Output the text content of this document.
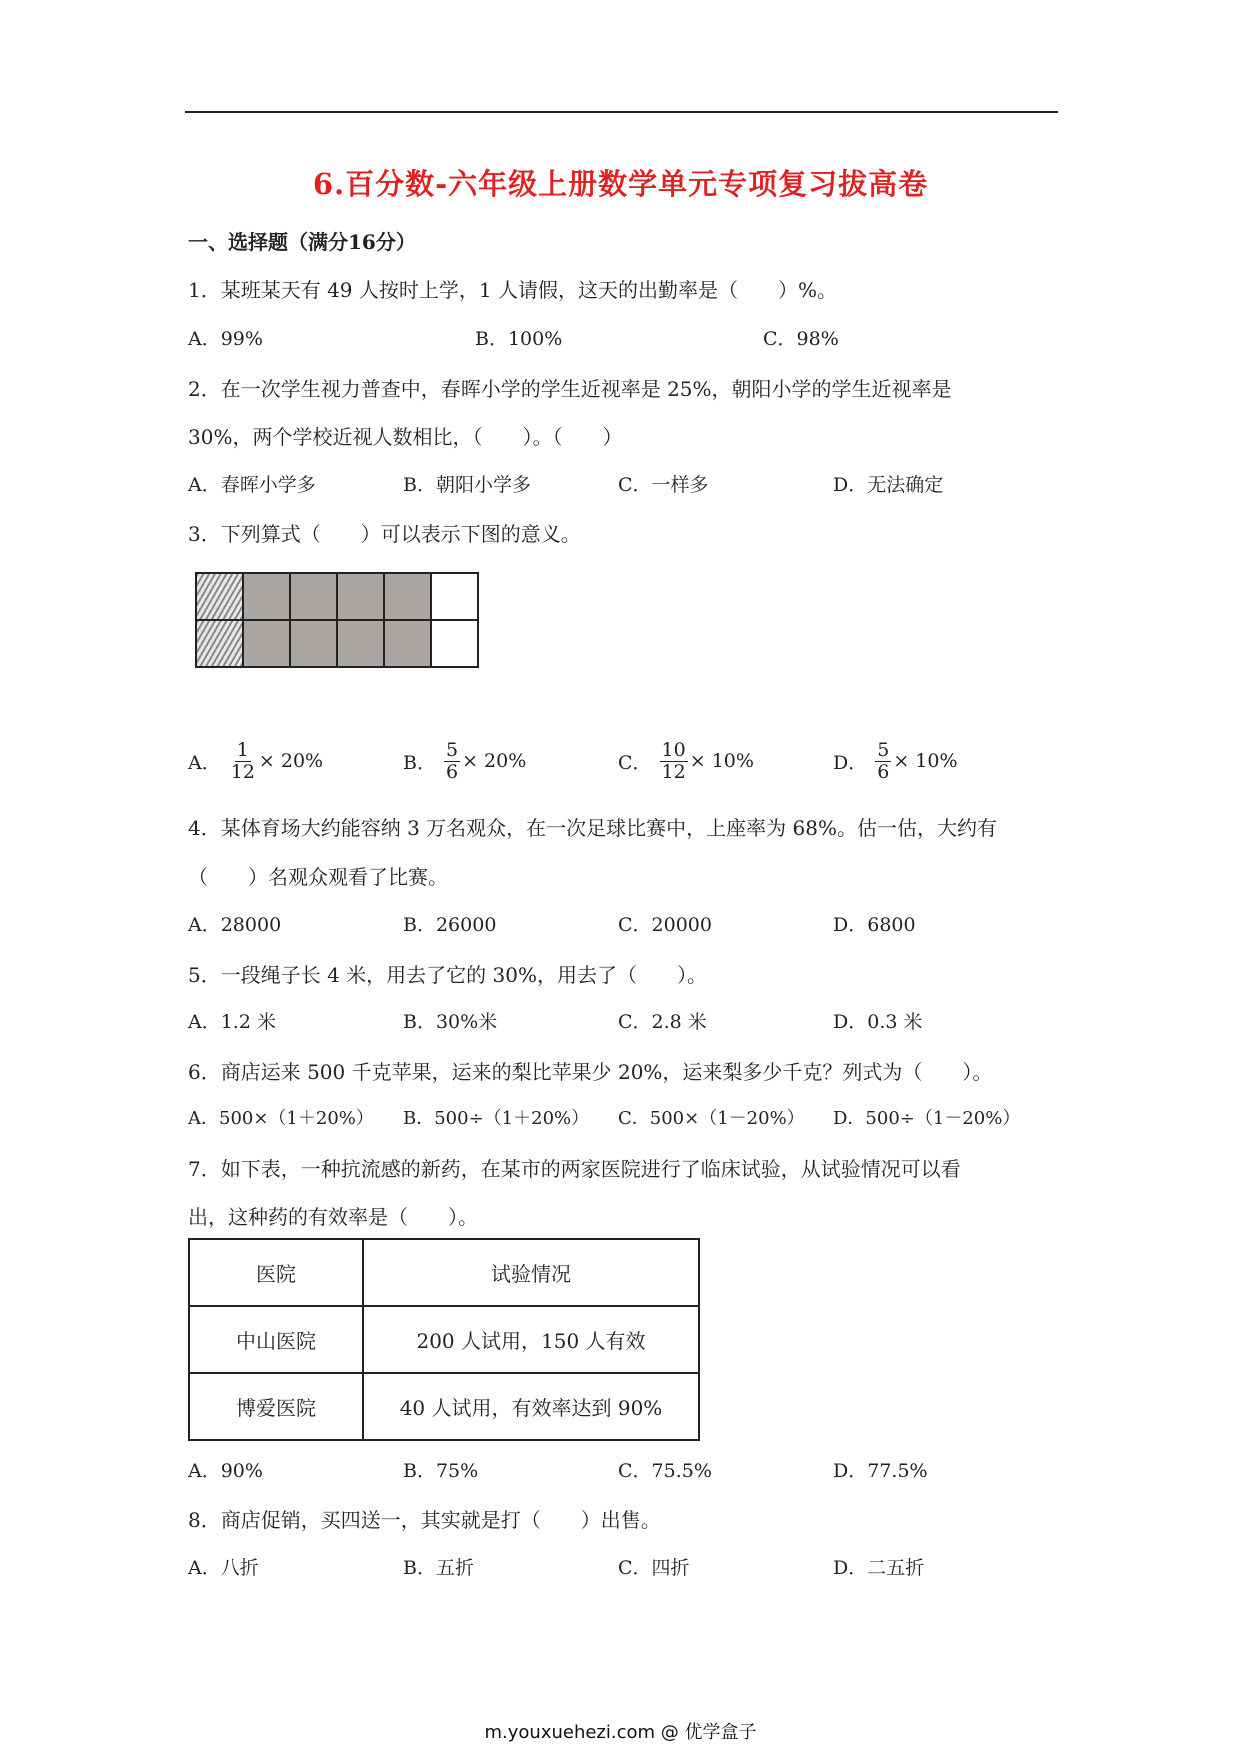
6.百分数-六年级上册数学单元专项复习拔高卷
一、选择题（满分16分）
1．某班某天有 49 人按时上学，1 人请假，这天的出勤率是（　　）%。
A．99%	B．100%	C．98%
2．在一次学生视力普查中，春晖小学的学生近视率是 25%，朝阳小学的学生近视率是
30%，两个学校近视人数相比，（　　）。（　　）
A．春晖小学多	B．朝阳小学多	C．一样多	D．无法确定
3．下列算式（　　）可以表示下图的意义。

A． $\frac{1}{12} \times 20\%$	B． $\frac{5}{6} \times 20\%$	C． $\frac{10}{12} \times 10\%$	D． $\frac{5}{6} \times 10\%$
4．某体育场大约能容纳 3 万名观众，在一次足球比赛中，上座率为 68%。估一估，大约有
（　　）名观众观看了比赛。
A．28000	B．26000	C．20000	D．6800
5．一段绳子长 4 米，用去了它的 30%，用去了（　　）。
A．1.2 米	B．30%米	C．2.8 米	D．0.3 米
6．商店运来 500 千克苹果，运来的梨比苹果少 20%，运来梨多少千克？列式为（　　）。
A．500×（1＋20%） B．500÷（1＋20%） C．500×（1－20%） D．500÷（1－20%）
7．如下表，一种抗流感的新药，在某市的两家医院进行了临床试验，从试验情况可以看
出，这种药的有效率是（　　）。
医院	试验情况
中山医院	200 人试用，150 人有效
博爱医院	40 人试用，有效率达到 90%
A．90%	B．75%	C．75.5%	D．77.5%
8．商店促销，买四送一，其实就是打（　　）出售。
A．八折	B．五折	C．四折	D．二五折
m.youxuehezi.com @ 优学盒子
